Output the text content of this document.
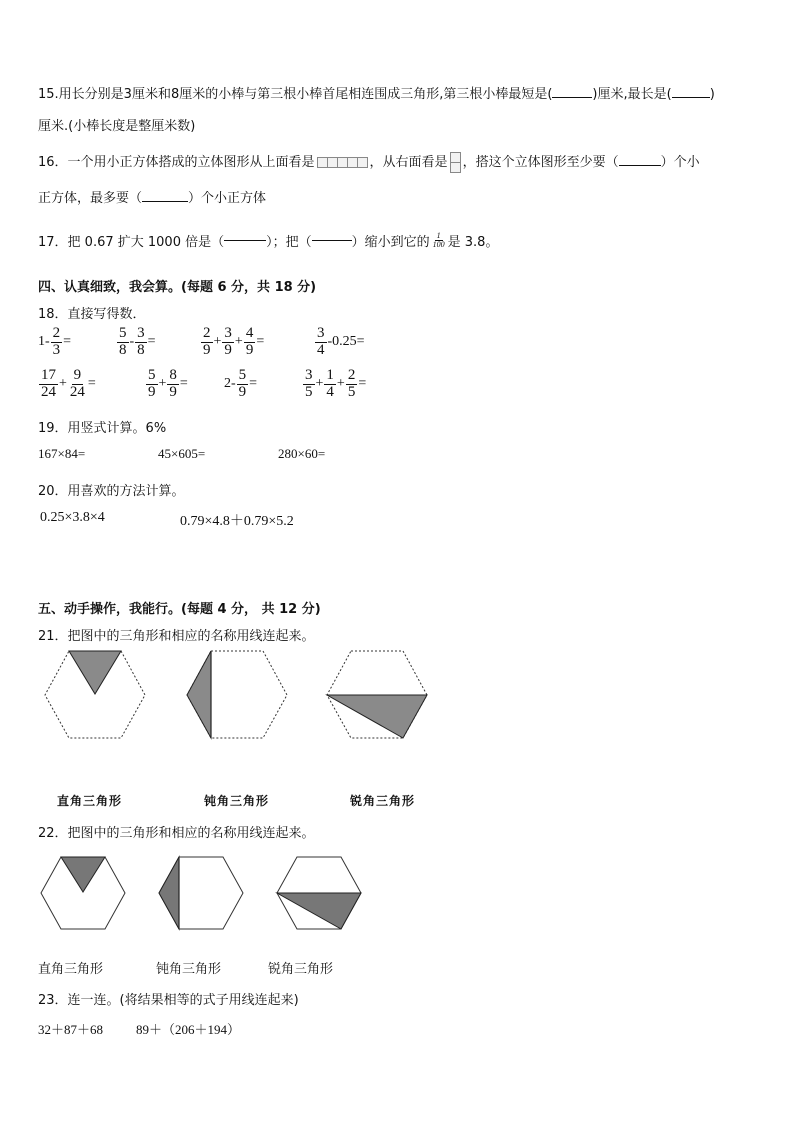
15.用长分别是3厘米和8厘米的小棒与第三根小棒首尾相连围成三角形,第三根小棒最短是(	)厘米,最长是(	)
厘米.(小棒长度是整厘米数)
16．一个用小正方体搭成的立体图形从上面看是	，从右面看是 ，搭这个立体图形至少要（	）个小
正方体，最多要（	）个小正方体
17．把 0.67 扩大 1000 倍是（	）；把（	）缩小到它的 $\frac{1}{100}$ 是 3.8。
四、认真细致，我会算。(每题 6 分，共 18 分)
18．直接写得数．
$1- \frac{2}{3}$ =	$\frac{5}{8} - \frac{3}{8}$ =	$\frac{2}{9} + \frac{3}{9} + \frac{4}{9}$ =	$\frac{3}{4} -0.25=$
$\frac{17}{24} + \frac{9}{24}$ =	$\frac{5}{9} + \frac{8}{9}$ =	$2- \frac{5}{9}$ =	$\frac{3}{5} + \frac{1}{4} + \frac{2}{5}$ =
19．用竖式计算。6%
167×84=	45×605=	280×60=
20．用喜欢的方法计算。
0.25×3.8×4	0.79×4.8＋0.79×5.2
五、动手操作，我能行。(每题 4 分， 共 12 分)
21．把图中的三角形和相应的名称用线连起来。
直角三角形	钝角三角形	锐角三角形
22．把图中的三角形和相应的名称用线连起来。
直角三角形	钝角三角形	锐角三角形
23．连一连。(将结果相等的式子用线连起来)
32＋87＋68	89＋（206＋194）
